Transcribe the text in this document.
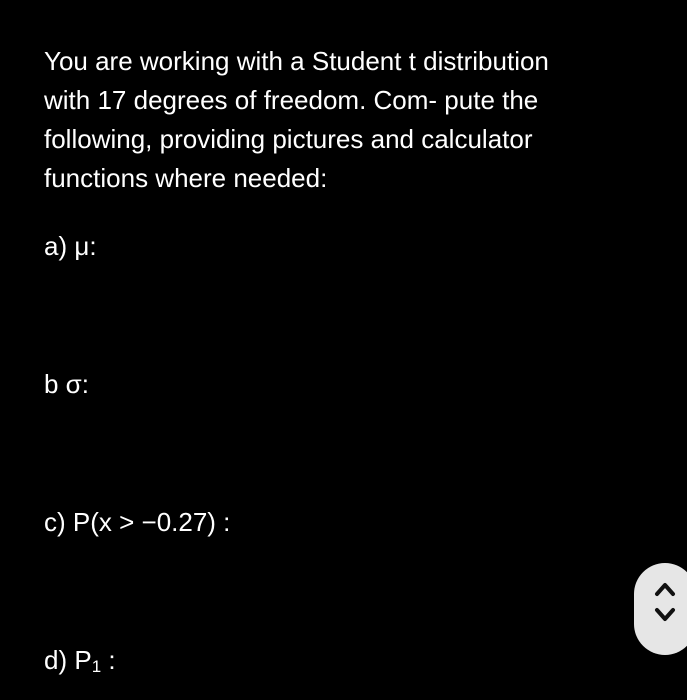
You are working with a Student t distribution

with 17 degrees of freedom. Com- pute the

following, providing pictures and calculator

functions where needed:

a) μ:
b σ:
c) P(x > −0.27) :
d) P1 :
